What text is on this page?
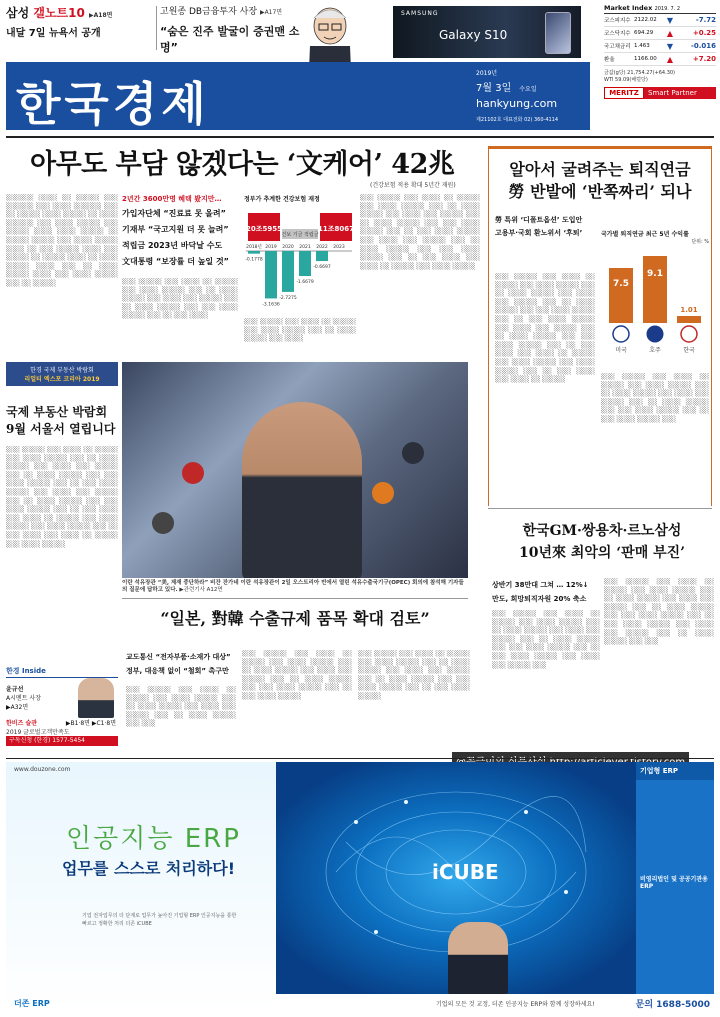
삼성 갤노트10 ▶A18면
내달 7일 뉴욕서 공개
고원종 DB금융투자 사장 ▶A17면
“숨은 진주 발굴이 증권맨 소명”
SAMSUNG
Galaxy S10
Market Index 2019. 7. 2
코스피지수 2122.02	▼	-7.72
코스닥지수 694.29	▲	+0.25
국고채금리 1.463	▼	-0.016
환율	1166.00	▲	+7.20
금값(g당) 21,754.27(+64.30)
WTI 59.09(배럴당)
MERITZ	Smart Partner
한국경제
2019년
7월 3일 수요일
hankyung.com
제21102호 대표전화 02) 360-4114
아무도 부담 않겠다는 ‘文케어’ 42兆
(건강보험 적용 확대 5년간 재원)
░░░░░░ ░░░░ ░░ ░░░░░ ░░░ ░░░░░░ ░░░ ░░░░ ░░░░░░ ░░░ ░░ ░░░░░ ░░░░ ░░░░░ ░░ ░░░░ ░░░░░░ ░░░ ░░░░ ░░░░░ ░░░ ░░░░░ ░░░░ ░░░░ ░░░░░ ░░ ░░░░░ ░░░░░ ░░░ ░░░░ ░░░░░ ░░░░ ░░ ░░░ ░░░░░ ░░░░ ░░░ ░░░░░ ░░ ░░░░░ ░░░░ ░░ ░░░░ ░░░░░ ░░░░ ░░░ ░░ ░░░░ ░░░░░ ░░░░ ░░░ ░░░░ ░░░░░ ░░░ ░░ ░░░░░
2년간 3600만명 혜택 봤지만…
가입자단체 “진료료 못 올려”
기재부 “국고지원 더 못 늘려”
적립금 2023년 바닥날 수도
文대통령 “보장률 더 높일 것”
░░░ ░░░░░ ░░░ ░░░░ ░░ ░░░░░ ░░░ ░░░░ ░░░░░ ░░░ ░░ ░░░░ ░░░░░ ░░░ ░░░░ ░░░ ░░░░░ ░░░ ░░ ░░░░ ░░░░░ ░░░ ░░░ ░░░░ ░░░░░ ░░░ ░░ ░░░ ░░░░
정부가 추계한 건강보험 재정
20조5955
건보 기금 적립금
11조8067
-0.1778
2018년
-3.1636
2019
-2.7275
2020
-1.6679
2021
-0.6697
2022 2023
░░░ ░░░░░ ░░░ ░░░░ ░░ ░░░░░ ░░░ ░░░░ ░░░░░ ░░░ ░░ ░░░░ ░░░░░ ░░░ ░░░░
░░░ ░░░░░ ░░░ ░░░░ ░░ ░░░░░ ░░░ ░░░░ ░░░░░ ░░░ ░░ ░░░░ ░░░░░ ░░░ ░░░░ ░░░ ░░░░░ ░░░ ░░ ░░░░ ░░░░░ ░░░ ░░░ ░░░░ ░░░░░ ░░░ ░░ ░░░ ░░░░ ░░░░░ ░░░ ░░░░ ░░░ ░░░░░ ░░░ ░░ ░░░░ ░░░░░ ░░░ ░░░ ░░░░ ░░░░░ ░░░ ░░ ░░░ ░░░░ ░░░ ░░░░ ░░ ░░░░░ ░░░ ░░░░ ░░░░░
한경 국제 부동산 박람회
리얼티 엑스포 코리아 2019
국제 부동산 박람회 9월 서울서 열립니다
░░░ ░░░░░ ░░░ ░░░░ ░░ ░░░░░ ░░░ ░░░░ ░░░░░ ░░░ ░░ ░░░░ ░░░░░ ░░░ ░░░░ ░░░ ░░░░░ ░░░ ░░ ░░░░ ░░░░░ ░░░ ░░░ ░░░░ ░░░░░ ░░░ ░░ ░░░ ░░░░ ░░░░░ ░░░ ░░░░ ░░░ ░░░░░ ░░░ ░░ ░░░░ ░░░░░ ░░░ ░░░ ░░░░ ░░░░░ ░░░ ░░ ░░░ ░░░░ ░░░ ░░░░ ░░ ░░░░░ ░░░ ░░░░ ░░░░░ ░░░ ░░░░ ░░░░░ ░░░ ░░ ░░░ ░░░░ ░░░ ░░░░ ░░ ░░░░░ ░░░ ░░░░ ░░░░░
이란 석유장관 “美, 제재 중단하라” 비잔 잔가네 이란 석유장관이 2일 오스트리아 빈에서 열린 석유수출국기구(OPEC) 회의에 참석해 기자들의 질문에 답하고 있다. ▶관련기사 A12면
“일본, 對韓 수출규제 품목 확대 검토”
교도통신 “전자부품·소재가 대상”
정부, 대응책 없이 “철회” 촉구만
░░░ ░░░░░ ░░░ ░░░░ ░░ ░░░░░ ░░░ ░░░░ ░░░░░ ░░░ ░░ ░░░░ ░░░░░ ░░░ ░░░░ ░░░ ░░░░░ ░░░ ░░ ░░░░ ░░░░░ ░░░ ░░░
░░░ ░░░░░ ░░░ ░░░░ ░░ ░░░░░ ░░░ ░░░░ ░░░░░ ░░░ ░░ ░░░░ ░░░░░ ░░░ ░░░░ ░░░ ░░░░░ ░░░ ░░ ░░░░ ░░░░░ ░░░ ░░░ ░░░░ ░░░░░ ░░░ ░░ ░░░ ░░░░ ░░░░░
░░░ ░░░░░ ░░░ ░░░░ ░░ ░░░░░ ░░░ ░░░░ ░░░░░ ░░░ ░░ ░░░░ ░░░░░ ░░░ ░░░░ ░░░ ░░░░░ ░░░ ░░ ░░░░ ░░░░░ ░░░ ░░░ ░░░░ ░░░░░ ░░░ ░░ ░░░ ░░░░ ░░░░░
한경 Inside
윤규선
A시멘트 사장
▶A32면
한비즈 슬관
2019 글로벌고객만족도
▶B1·8면 ▶C1·8면
구독신청 (한경) 1577-5454
알아서 굴려주는 퇴직연금
勞 반발에 ‘반쪽짜리’ 되나
勞 특위 ‘디폴트옵션’ 도입안
고용부·국회 환노위서 ‘후퇴’
░░░ ░░░░░ ░░░ ░░░░ ░░ ░░░░░ ░░░ ░░░░ ░░░░░ ░░░ ░░ ░░░░ ░░░░░ ░░░ ░░░░ ░░░ ░░░░░ ░░░ ░░ ░░░░ ░░░░░ ░░░ ░░░ ░░░░ ░░░░░ ░░░ ░░ ░░░ ░░░░ ░░░░░ ░░░ ░░░░ ░░░ ░░░░░ ░░░ ░░ ░░░░ ░░░░░ ░░░ ░░░ ░░░░ ░░░░░ ░░░ ░░ ░░░ ░░░░ ░░░ ░░░░ ░░ ░░░░░ ░░░ ░░░░ ░░░░░ ░░░ ░░░░ ░░░░░ ░░░ ░░ ░░░ ░░░░ ░░░ ░░░░ ░░ ░░░░░
국가별 퇴직연금 최근 5년 수익률
단위: %
7.5
9.1
1.01
미국	호주	한국
░░░ ░░░░░ ░░░ ░░░░ ░░ ░░░░░ ░░░ ░░░░ ░░░░░ ░░░ ░░ ░░░░ ░░░░░ ░░░ ░░░░ ░░░ ░░░░░ ░░░ ░░ ░░░░ ░░░░░ ░░░ ░░░ ░░░░ ░░░░░ ░░░ ░░ ░░░ ░░░░ ░░░░░ ░░░
한국GM·쌍용차·르노삼성
10년來 최악의 ‘판매 부진’
상반기 38만대 그쳐 … 12%↓
만도, 희망퇴직자원 20% 축소
░░░ ░░░░░ ░░░ ░░░░ ░░ ░░░░░ ░░░ ░░░░ ░░░░░ ░░░ ░░ ░░░░ ░░░░░ ░░░ ░░░░ ░░░ ░░░░░ ░░░ ░░ ░░░░ ░░░░░ ░░░ ░░░ ░░░░ ░░░░░ ░░░ ░░ ░░░ ░░░░ ░░░░░ ░░░ ░░░░ ░░░ ░░░░░ ░░░
░░░ ░░░░░ ░░░ ░░░░ ░░ ░░░░░ ░░░ ░░░░ ░░░░░ ░░░ ░░ ░░░░ ░░░░░ ░░░ ░░░░ ░░░ ░░░░░ ░░░ ░░ ░░░░ ░░░░░ ░░░ ░░░ ░░░░ ░░░░░ ░░░ ░░ ░░░ ░░░░ ░░░░░ ░░░ ░░░░ ░░░ ░░░░░ ░░░ ░░ ░░░░ ░░░░░ ░░░ ░░░
www.douzone.com
인공지능 ERP
업무를 스스로 처리하다!
기업 전자업무의 더 단계로 업무가 높아진 기업형 ERP 인공지능을 통한 빠르고 정확한 처리 더존 iCUBE
더존 ERP
iCUBE
기업형 ERP
비영리법인 및 공공기관용 ERP
기업의 모든 것 교정, 더존 인공지능 ERP와 함께 성장하세요!	문의 1688-5000
